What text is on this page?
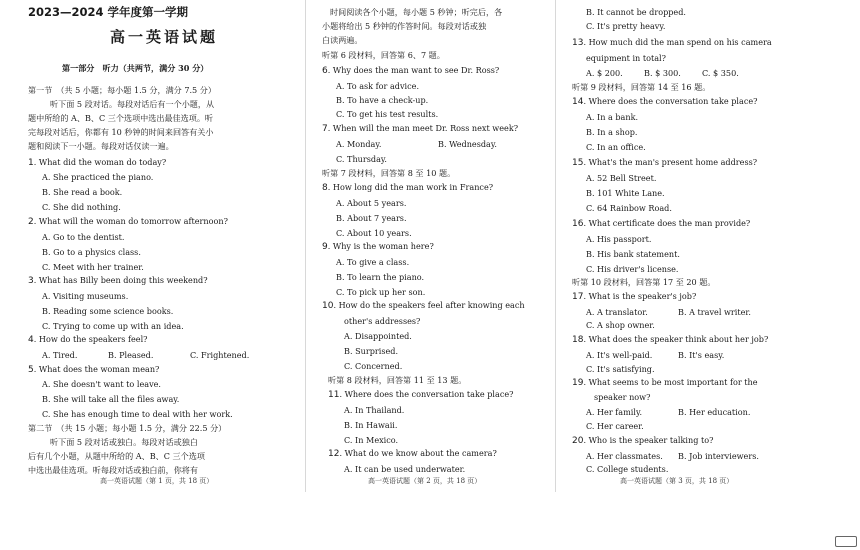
2023—2024 学年度第一学期
高一英语试题
第一部分　听力（共两节，满分 30 分）
第一节　（共 5 小题；每小题 1.5 分，满分 7.5 分）
听下面 5 段对话。每段对话后有一个小题，从
题中所给的 A、B、C 三个选项中选出最佳选项。听
完每段对话后，你都有 10 秒钟的时间来回答有关小
题和阅读下一小题。每段对话仅读一遍。
1. What did the woman do today?
A. She practiced the piano.
B. She read a book.
C. She did nothing.
2. What will the woman do tomorrow afternoon?
A. Go to the dentist.
B. Go to a physics class.
C. Meet with her trainer.
3. What has Billy been doing this weekend?
A. Visiting museums.
B. Reading some science books.
C. Trying to come up with an idea.
4. How do the speakers feel?
A. Tired.	B. Pleased.	C. Frightened.
5. What does the woman mean?
A. She doesn't want to leave.
B. She will take all the files away.
C. She has enough time to deal with her work.
第二节　（共 15 小题；每小题 1.5 分，满分 22.5 分）
听下面 5 段对话或独白。每段对话或独白
后有几个小题，从题中所给的 A、B、C 三个选项
中选出最佳选项。听每段对话或独白前，你将有
高一英语试题（第 1 页，共 18 页）
时间阅读各个小题，每小题 5 秒钟；听完后，各
小题将给出 5 秒钟的作答时间。每段对话或独
白读两遍。
听第 6 段材料，回答第 6、7 题。
6. Why does the man want to see Dr. Ross?
A. To ask for advice.
B. To have a check-up.
C. To get his test results.
7. When will the man meet Dr. Ross next week?
A. Monday.	B. Wednesday.
C. Thursday.
听第 7 段材料，回答第 8 至 10 题。
8. How long did the man work in France?
A. About 5 years.
B. About 7 years.
C. About 10 years.
9. Why is the woman here?
A. To give a class.
B. To learn the piano.
C. To pick up her son.
10. How do the speakers feel after knowing each
other's addresses?
A. Disappointed.
B. Surprised.
C. Concerned.
听第 8 段材料，回答第 11 至 13 题。
11. Where does the conversation take place?
A. In Thailand.
B. In Hawaii.
C. In Mexico.
12. What do we know about the camera?
A. It can be used underwater.
高一英语试题（第 2 页，共 18 页）
B. It cannot be dropped.
C. It's pretty heavy.
13. How much did the man spend on his camera
equipment in total?
A. $ 200.	B. $ 300.	C. $ 350.
听第 9 段材料，回答第 14 至 16 题。
14. Where does the conversation take place?
A. In a bank.
B. In a shop.
C. In an office.
15. What's the man's present home address?
A. 52 Bell Street.
B. 101 White Lane.
C. 64 Rainbow Road.
16. What certificate does the man provide?
A. His passport.
B. His bank statement.
C. His driver's license.
听第 10 段材料，回答第 17 至 20 题。
17. What is the speaker's job?
A. A translator.	B. A travel writer.
C. A shop owner.
18. What does the speaker think about her job?
A. It's well-paid.	B. It's easy.
C. It's satisfying.
19. What seems to be most important for the
speaker now?
A. Her family.	B. Her education.
C. Her career.
20. Who is the speaker talking to?
A. Her classmates. B. Job interviewers.
C. College students.
高一英语试题（第 3 页，共 18 页）
